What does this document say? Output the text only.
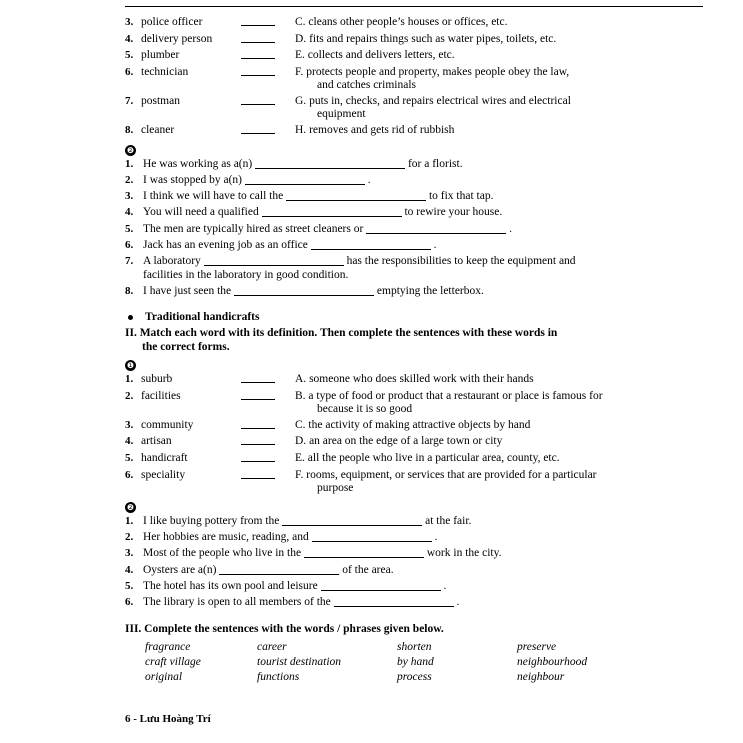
3. police officer	C. cleans other people’s houses or offices, etc.
4. delivery person	D. fits and repairs things such as water pipes, toilets, etc.
5. plumber	E. collects and delivers letters, etc.
6. technician	F. protects people and property, makes people obey the law,
and catches criminals
7. postman	G. puts in, checks, and repairs electrical wires and electrical
equipment
8. cleaner	H. removes and gets rid of rubbish
❷
1. He was working as a(n)	for a florist.
2. I was stopped by a(n)	.
3. I think we will have to call the	to fix that tap.
4. You will need a qualified	to rewire your house.
5. The men are typically hired as street cleaners or	.
6. Jack has an evening job as an office	.
7. A laboratory	has the responsibilities to keep the equipment and
facilities in the laboratory in good condition.
8. I have just seen the	emptying the letterbox.
Traditional handicrafts
II. Match each word with its definition. Then complete the sentences with these words in
the correct forms.
❶
1. suburb	A. someone who does skilled work with their hands
2. facilities	B. a type of food or product that a restaurant or place is famous for
because it is so good
3. community	C. the activity of making attractive objects by hand
4. artisan	D. an area on the edge of a large town or city
5. handicraft	E. all the people who live in a particular area, county, etc.
6. speciality	F. rooms, equipment, or services that are provided for a particular
purpose
❷
1. I like buying pottery from the	at the fair.
2. Her hobbies are music, reading, and	.
3. Most of the people who live in the	work in the city.
4. Oysters are a(n)	of the area.
5. The hotel has its own pool and leisure	.
6. The library is open to all members of the	.
III. Complete the sentences with the words / phrases given below.
fragrance	career	shorten	preserve
craft village	tourist destination	by hand	neighbourhood
original	functions	process	neighbour
6 - Lưu Hoàng Trí
